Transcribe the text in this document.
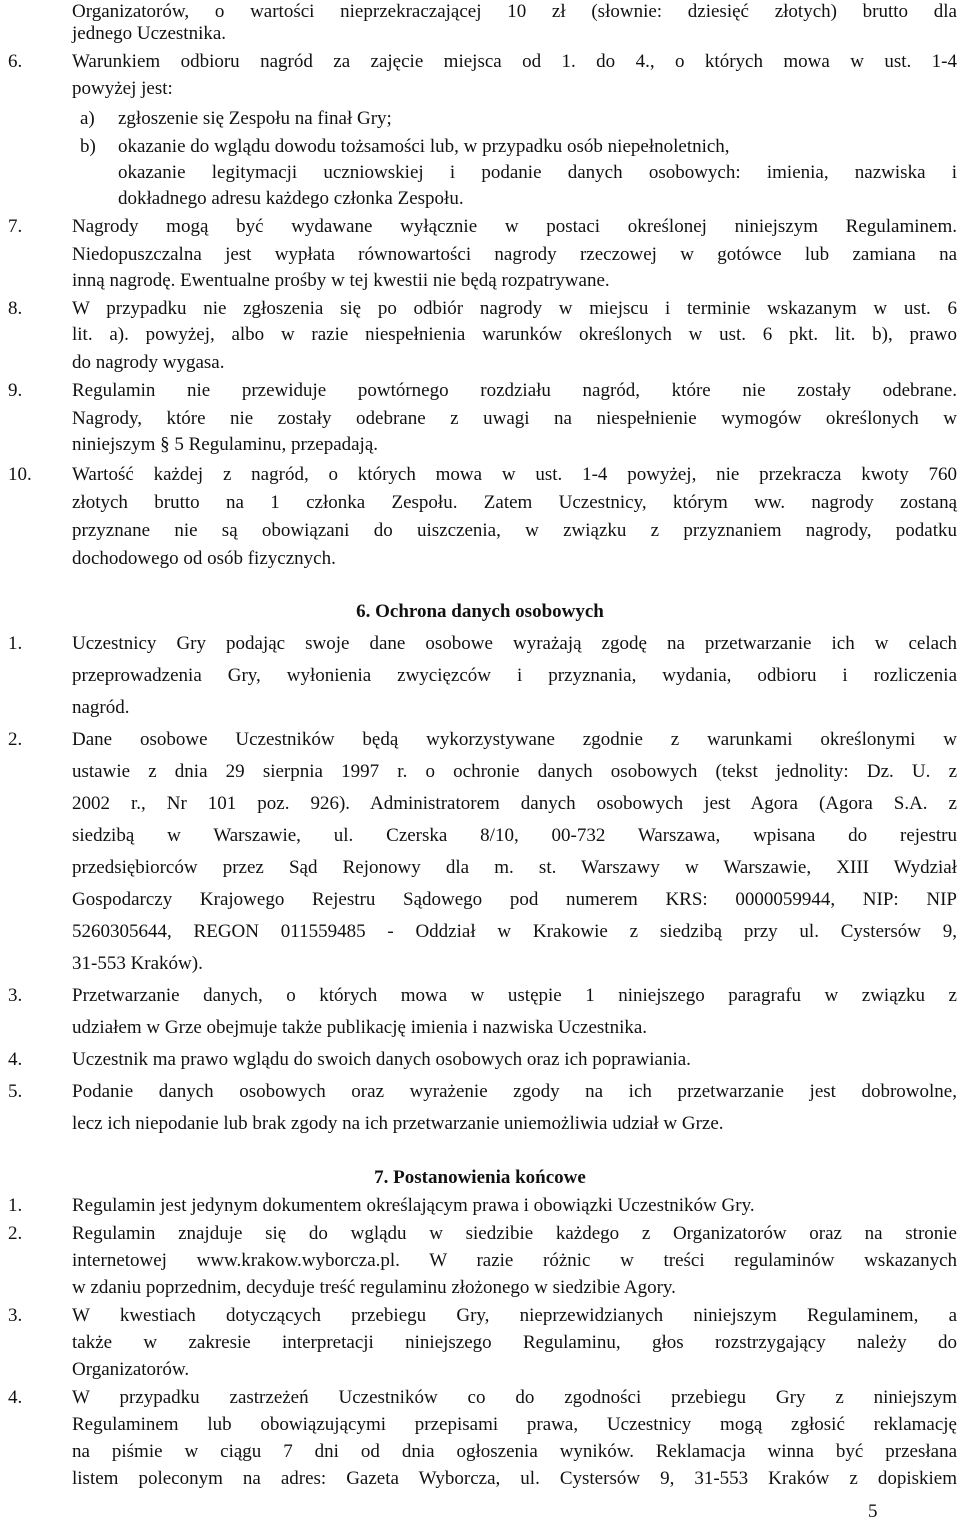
Organizatorów, o wartości nieprzekraczającej 10 zł (słownie: dziesięć złotych) brutto dla
jednego Uczestnika.
6.	Warunkiem odbioru nagród za zajęcie miejsca od 1. do 4., o których mowa w ust. 1-4
powyżej jest:
a) zgłoszenie się Zespołu na finał Gry;
b) okazanie do wglądu dowodu tożsamości lub, w przypadku osób niepełnoletnich,
okazanie legitymacji uczniowskiej i podanie danych osobowych: imienia, nazwiska i
dokładnego adresu każdego członka Zespołu.
7.	Nagrody mogą być wydawane wyłącznie w postaci określonej niniejszym Regulaminem.
Niedopuszczalna jest wypłata równowartości nagrody rzeczowej w gotówce lub zamiana na
inną nagrodę. Ewentualne prośby w tej kwestii nie będą rozpatrywane.
8.	W przypadku nie zgłoszenia się po odbiór nagrody w miejscu i terminie wskazanym w ust. 6
lit. a). powyżej, albo w razie niespełnienia warunków określonych w ust. 6 pkt. lit. b), prawo
do nagrody wygasa.
9.	Regulamin nie przewiduje powtórnego rozdziału nagród, które nie zostały odebrane.
Nagrody, które nie zostały odebrane z uwagi na niespełnienie wymogów określonych w
niniejszym § 5 Regulaminu, przepadają.
10. Wartość każdej z nagród, o których mowa w ust. 1-4 powyżej, nie przekracza kwoty 760
złotych brutto na 1 członka Zespołu. Zatem Uczestnicy, którym ww. nagrody zostaną
przyznane nie są obowiązani do uiszczenia, w związku z przyznaniem nagrody, podatku
dochodowego od osób fizycznych.
6. Ochrona danych osobowych
1.	Uczestnicy Gry podając swoje dane osobowe wyrażają zgodę na przetwarzanie ich w celach
przeprowadzenia Gry, wyłonienia zwycięzców i przyznania, wydania, odbioru i rozliczenia
nagród.
2.	Dane osobowe Uczestników będą wykorzystywane zgodnie z warunkami określonymi w
ustawie z dnia 29 sierpnia 1997 r. o ochronie danych osobowych (tekst jednolity: Dz. U. z
2002 r., Nr 101 poz. 926). Administratorem danych osobowych jest Agora (Agora S.A. z
siedzibą w Warszawie, ul. Czerska 8/10, 00-732 Warszawa, wpisana do rejestru
przedsiębiorców przez Sąd Rejonowy dla m. st. Warszawy w Warszawie, XIII Wydział
Gospodarczy Krajowego Rejestru Sądowego pod numerem KRS: 0000059944, NIP: NIP
5260305644, REGON 011559485 - Oddział w Krakowie z siedzibą przy ul. Cystersów 9,
31-553 Kraków).
3.	Przetwarzanie danych, o których mowa w ustępie 1 niniejszego paragrafu w związku z
udziałem w Grze obejmuje także publikację imienia i nazwiska Uczestnika.
4.	Uczestnik ma prawo wglądu do swoich danych osobowych oraz ich poprawiania.
5.	Podanie danych osobowych oraz wyrażenie zgody na ich przetwarzanie jest dobrowolne,
lecz ich niepodanie lub brak zgody na ich przetwarzanie uniemożliwia udział w Grze.
7. Postanowienia końcowe
1.	Regulamin jest jedynym dokumentem określającym prawa i obowiązki Uczestników Gry.
2.	Regulamin znajduje się do wglądu w siedzibie każdego z Organizatorów oraz na stronie
internetowej www.krakow.wyborcza.pl. W razie różnic w treści regulaminów wskazanych
w zdaniu poprzednim, decyduje treść regulaminu złożonego w siedzibie Agory.
3.	W kwestiach dotyczących przebiegu Gry, nieprzewidzianych niniejszym Regulaminem, a
także w zakresie interpretacji niniejszego Regulaminu, głos rozstrzygający należy do
Organizatorów.
4.	W przypadku zastrzeżeń Uczestników co do zgodności przebiegu Gry z niniejszym
Regulaminem lub obowiązującymi przepisami prawa, Uczestnicy mogą zgłosić reklamację
na piśmie w ciągu 7 dni od dnia ogłoszenia wyników. Reklamacja winna być przesłana
listem poleconym na adres: Gazeta Wyborcza, ul. Cystersów 9, 31-553 Kraków z dopiskiem
5
